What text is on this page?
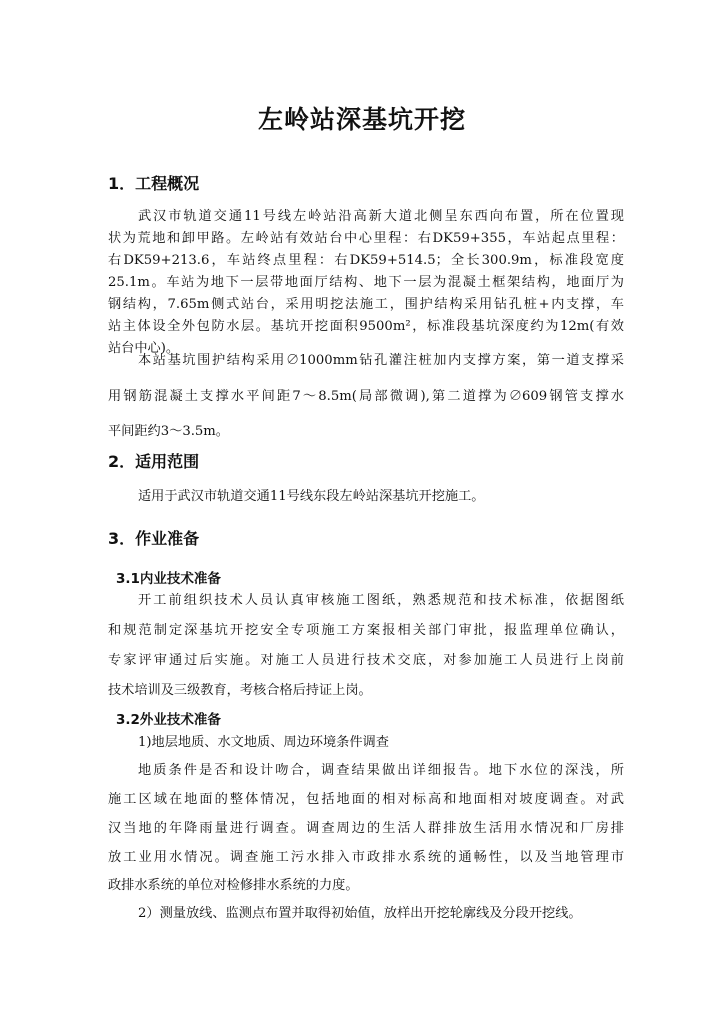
左岭站深基坑开挖
1．工程概况
武汉市轨道交通11号线左岭站沿高新大道北侧呈东西向布置，所在位置现
状为荒地和卸甲路。左岭站有效站台中心里程：右DK59+355，车站起点里程：
右DK59+213.6，车站终点里程：右DK59+514.5；全长300.9m，标准段宽度
25.1m。车站为地下一层带地面厅结构、地下一层为混凝土框架结构，地面厅为
钢结构，7.65m侧式站台，采用明挖法施工，围护结构采用钻孔桩+内支撑，车
站主体设全外包防水层。基坑开挖面积9500m²，标准段基坑深度约为12m(有效
站台中心)。
本站基坑围护结构采用∅1000mm钻孔灌注桩加内支撑方案，第一道支撑采
用钢筋混凝土支撑水平间距7～8.5m(局部微调),第二道撑为∅609钢管支撑水
平间距约3～3.5m。
2．适用范围
适用于武汉市轨道交通11号线东段左岭站深基坑开挖施工。
3．作业准备
3.1内业技术准备
开工前组织技术人员认真审核施工图纸，熟悉规范和技术标准，依据图纸
和规范制定深基坑开挖安全专项施工方案报相关部门审批，报监理单位确认，
专家评审通过后实施。对施工人员进行技术交底，对参加施工人员进行上岗前
技术培训及三级教育，考核合格后持证上岗。
3.2外业技术准备
1)地层地质、水文地质、周边环境条件调查
地质条件是否和设计吻合，调查结果做出详细报告。地下水位的深浅，所
施工区域在地面的整体情况，包括地面的相对标高和地面相对坡度调查。对武
汉当地的年降雨量进行调查。调查周边的生活人群排放生活用水情况和厂房排
放工业用水情况。调查施工污水排入市政排水系统的通畅性，以及当地管理市
政排水系统的单位对检修排水系统的力度。
2）测量放线、监测点布置并取得初始值，放样出开挖轮廓线及分段开挖线。
